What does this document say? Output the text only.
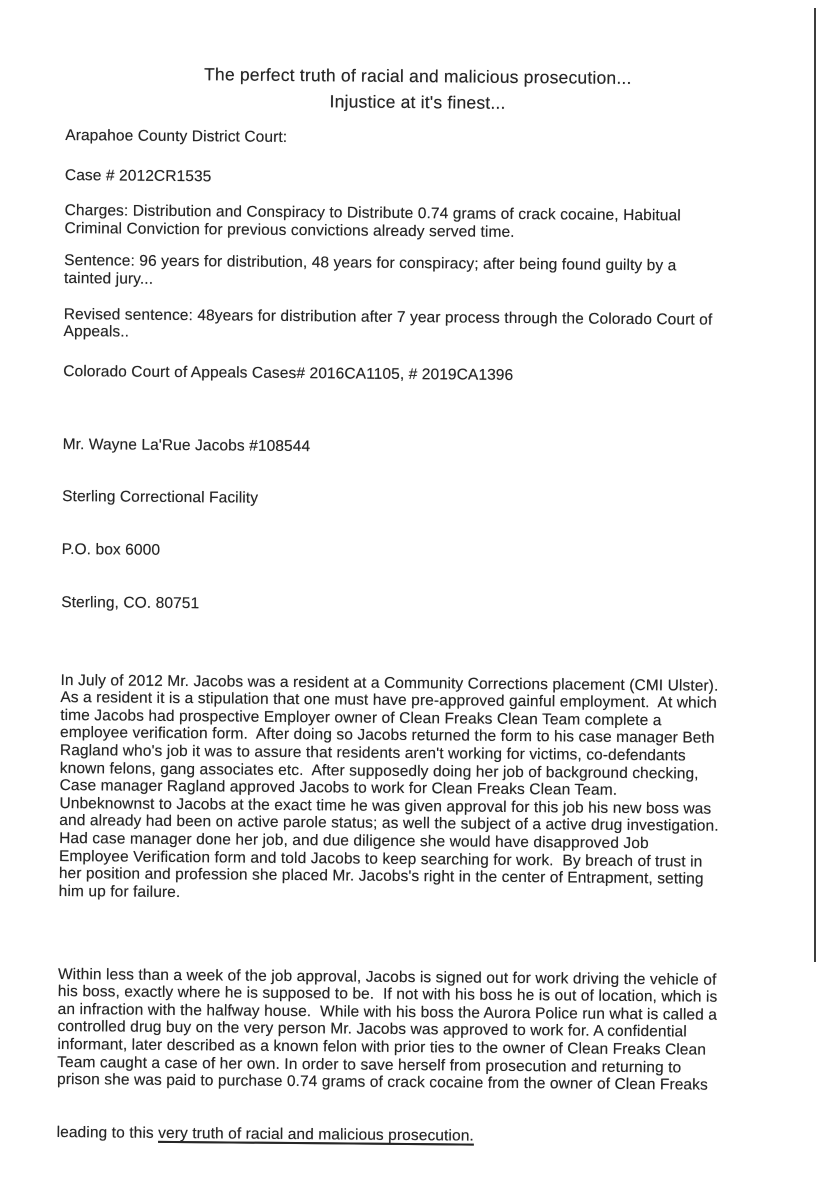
The perfect truth of racial and malicious prosecution...
Injustice at it's finest...
Arapahoe County District Court:
Case # 2012CR1535
Charges: Distribution and Conspiracy to Distribute 0.74 grams of crack cocaine, Habitual
Criminal Conviction for previous convictions already served time.
Sentence: 96 years for distribution, 48 years for conspiracy; after being found guilty by a
tainted jury...
Revised sentence: 48years for distribution after 7 year process through the Colorado Court of
Appeals..
Colorado Court of Appeals Cases# 2016CA1105, # 2019CA1396

Mr. Wayne La'Rue Jacobs #108544

Sterling Correctional Facility

P.O. box 6000

Sterling, CO. 80751

In July of 2012 Mr. Jacobs was a resident at a Community Corrections placement (CMI Ulster).
As a resident it is a stipulation that one must have pre-approved gainful employment.  At which
time Jacobs had prospective Employer owner of Clean Freaks Clean Team complete a
employee verification form.  After doing so Jacobs returned the form to his case manager Beth
Ragland who's job it was to assure that residents aren't working for victims, co-defendants
known felons, gang associates etc.  After supposedly doing her job of background checking,
Case manager Ragland approved Jacobs to work for Clean Freaks Clean Team.
Unbeknownst to Jacobs at the exact time he was given approval for this job his new boss was
and already had been on active parole status; as well the subject of a active drug investigation.
Had case manager done her job, and due diligence she would have disapproved Job
Employee Verification form and told Jacobs to keep searching for work.  By breach of trust in
her position and profession she placed Mr. Jacobs's right in the center of Entrapment, setting
him up for failure.

Within less than a week of the job approval, Jacobs is signed out for work driving the vehicle of
his boss, exactly where he is supposed to be.  If not with his boss he is out of location, which is
an infraction with the halfway house.  While with his boss the Aurora Police run what is called a
controlled drug buy on the very person Mr. Jacobs was approved to work for. A confidential
informant, later described as a known felon with prior ties to the owner of Clean Freaks Clean
Team caught a case of her own. In order to save herself from prosecution and returning to
prison she was paid to purchase 0.74 grams of crack cocaine from the owner of Clean Freaks

leading to this very truth of racial and malicious prosecution.
